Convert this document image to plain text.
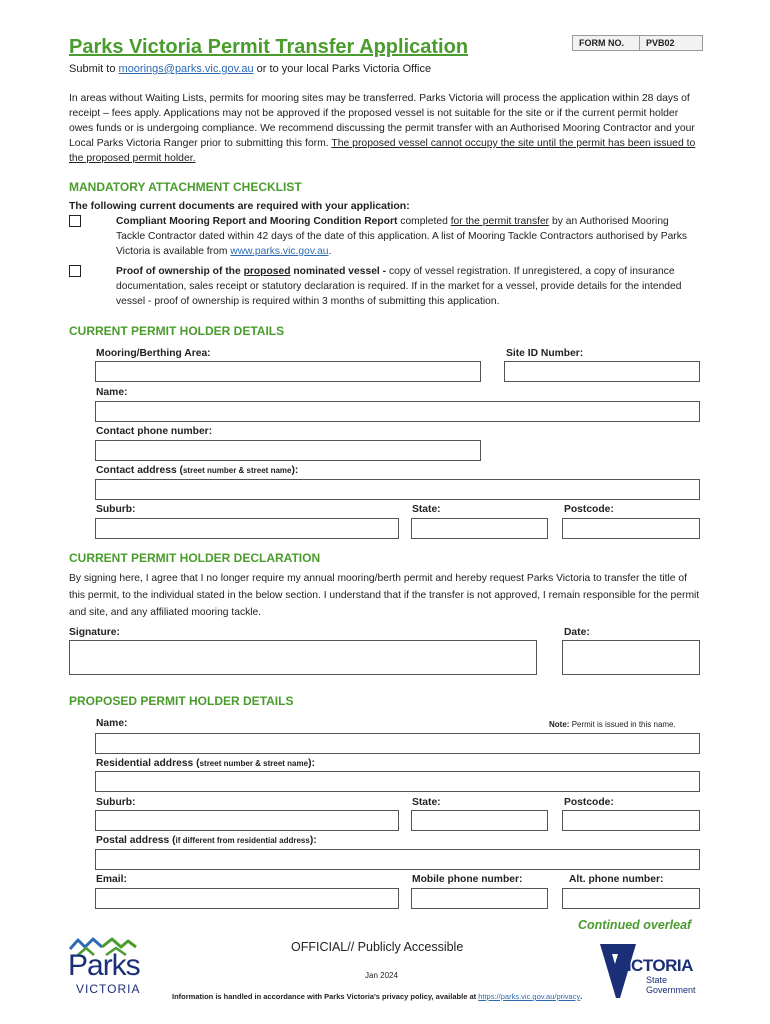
Parks Victoria Permit Transfer Application	FORM NO.	PVB02
Submit to moorings@parks.vic.gov.au or to your local Parks Victoria Office
In areas without Waiting Lists, permits for mooring sites may be transferred. Parks Victoria will process the application within 28 days of receipt – fees apply. Applications may not be approved if the proposed vessel is not suitable for the site or if the current permit holder owes funds or is undergoing compliance. We recommend discussing the permit transfer with an Authorised Mooring Contractor and your Local Parks Victoria Ranger prior to submitting this form. The proposed vessel cannot occupy the site until the permit has been issued to the proposed permit holder.
MANDATORY ATTACHMENT CHECKLIST
The following current documents are required with your application:
Compliant Mooring Report and Mooring Condition Report completed for the permit transfer by an Authorised Mooring Tackle Contractor dated within 42 days of the date of this application. A list of Mooring Tackle Contractors authorised by Parks Victoria is available from www.parks.vic.gov.au.
Proof of ownership of the proposed nominated vessel - copy of vessel registration. If unregistered, a copy of insurance documentation, sales receipt or statutory declaration is required. If in the market for a vessel, provide details for the intended vessel - proof of ownership is required within 3 months of submitting this application.
CURRENT PERMIT HOLDER DETAILS
Mooring/Berthing Area:	Site ID Number:
Name:
Contact phone number:
Contact address (street number & street name):
Suburb:	State:	Postcode:
CURRENT PERMIT HOLDER DECLARATION
By signing here, I agree that I no longer require my annual mooring/berth permit and hereby request Parks Victoria to transfer the title of this permit, to the individual stated in the below section. I understand that if the transfer is not approved, I remain responsible for the permit and site, and any affiliated mooring tackle.
Signature:	Date:
PROPOSED PERMIT HOLDER DETAILS
Name:	Note: Permit is issued in this name.
Residential address (street number & street name):
Suburb:	State:	Postcode:
Postal address (if different from residential address):
Email:	Mobile phone number:	Alt. phone number:
Continued overleaf
Parks
VICTORIA
OFFICIAL// Publicly Accessible
Jan 2024
Information is handled in accordance with Parks Victoria's privacy policy, available at https://parks.vic.gov.au/privacy.
VICTORIA
State
Government
